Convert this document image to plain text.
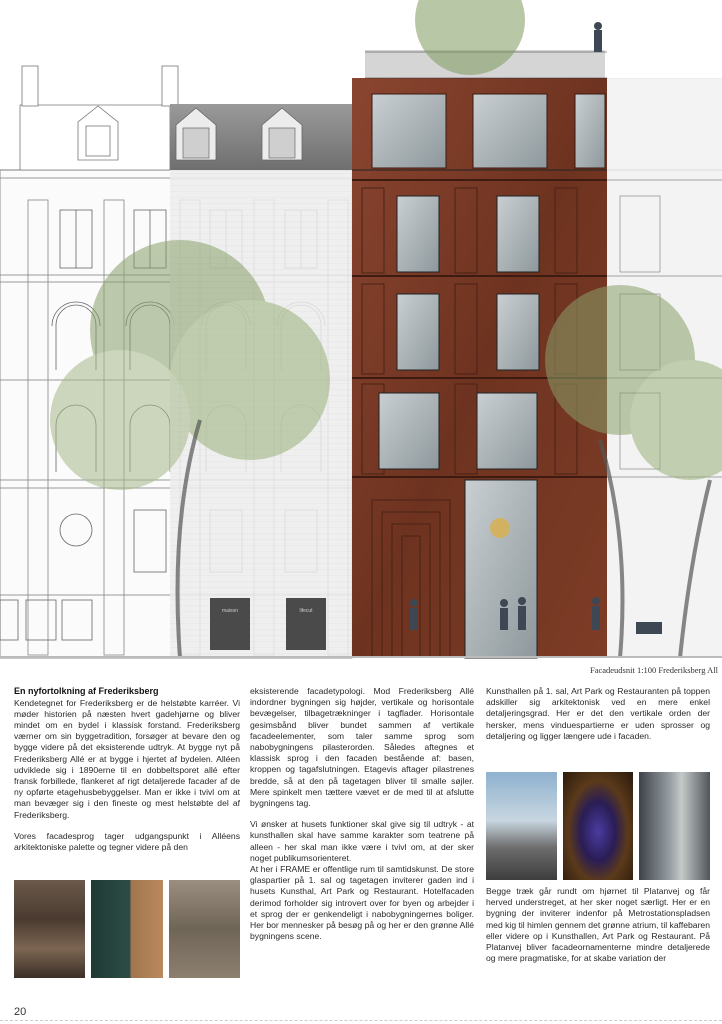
maison	lifecut
Facadeudsnit 1:100 Frederiksberg All
En nyfortolkning af Frederiksberg

Kendetegnet for Frederiksberg er de helstøbte karréer. Vi møder historien på næsten hvert gadehjørne og bliver mindet om en bydel i klassisk forstand. Frederiksberg værner om sin byggetradition, forsøger at bevare den og bygge videre på det eksisterende udtryk. At bygge nyt på Frederiksberg Allé er at bygge i hjertet af bydelen. Alléen udviklede sig i 1890erne til en dobbeltsporet allé efter fransk forbillede, flankeret af rigt detaljerede facader af de ny opførte etagehusbebyggelser. Man er ikke i tvivl om at man bevæger sig i den fineste og mest helstøbte del af Frederiksberg.

Vores facadesprog tager udgangspunkt i Alléens arkitektoniske palette og tegner videre på den

eksisterende facadetypologi. Mod Frederiksberg Allé indordner bygningen sig højder, vertikale og horisontale bevægelser, tilbagetrækninger i tagflader. Horisontale gesimsbånd bliver bundet sammen af vertikale facadeelementer, som taler samme sprog som nabobygningens pilasterorden. Således aftegnes et klassisk sprog i den facaden bestående af: basen, kroppen og tagafslutningen. Etagevis aftager pilastrenes bredde, så at den på tagetagen bliver til smalle søjler. Mere spinkelt men tættere vævet er de med til at afslutte bygningens tag.

Vi ønsker at husets funktioner skal give sig til udtryk - at kunsthallen skal have samme karakter som teatrene på alleen - her skal man ikke være i tvivl om, at der sker noget publikumsorienteret.

At her i FRAME er offentlige rum til samtidskunst. De store glaspartier på 1. sal og tagetagen inviterer gaden ind i husets Kunsthal, Art Park og Restaurant. Hotelfacaden derimod forholder sig introvert over for byen og arbejder i et sprog der er genkendeligt i nabobygningernes boliger. Her bor mennesker på besøg på og her er den grønne Allé bygningens scene.

Kunsthallen på 1. sal, Art Park og Restauranten på toppen adskiller sig arkitektonisk ved en mere enkel detaljeringsgrad. Her er det den vertikale orden der hersker, mens vinduespartierne er uden sprosser og detaljering og ligger længere ude i facaden.

Begge træk går rundt om hjørnet til Platanvej og får herved understreget, at her sker noget særligt. Her er en bygning der inviterer indenfor på Metrostationspladsen med kig til himlen gennem det grønne atrium, til kaffebaren eller videre op i Kunsthallen, Art Park og Restaurant. På Platanvej bliver facadeornamenterne mindre detaljerede og mere pragmatiske, for at skabe variation der

20
